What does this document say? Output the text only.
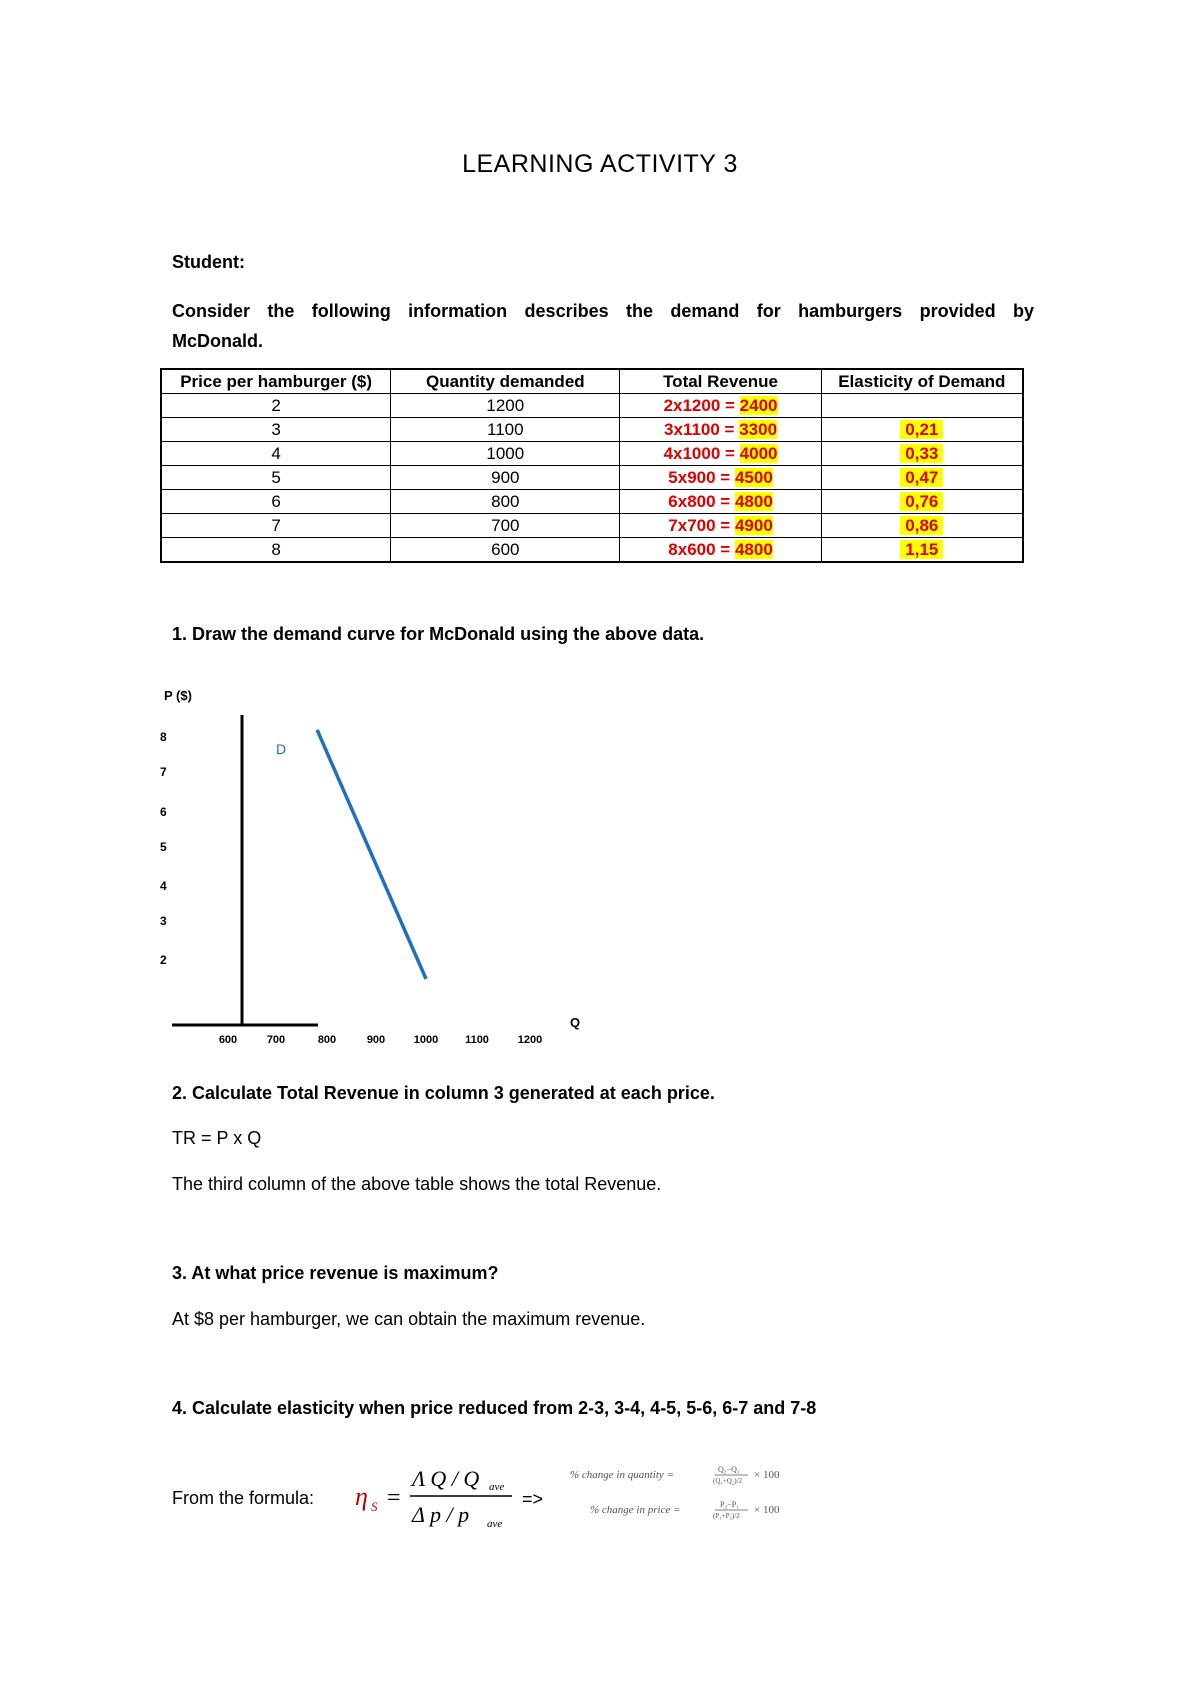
LEARNING ACTIVITY 3
Student:
Consider the following information describes the demand for hamburgers provided by McDonald.
Price per hamburger ($)	Quantity demanded	Total Revenue	Elasticity of Demand
2	1200	2x1200 = 2400	
3	1100	3x1100 = 3300	0,21
4	1000	4x1000 = 4000	0,33
5	900	5x900 = 4500	0,47
6	800	6x800 = 4800	0,76
7	700	7x700 = 4900	0,86
8	600	8x600 = 4800	1,15
1. Draw the demand curve for McDonald using the above data.
P ($)
Q
8
7
6
5
4
3
2
600	700	800	900	1000 1100	1200
D
2. Calculate Total Revenue in column 3 generated at each price.
TR = P x Q
The third column of the above table shows the total Revenue.
3. At what price revenue is maximum?
At $8 per hamburger, we can obtain the maximum revenue.
4. Calculate elasticity when price reduced from 2-3, 3-4, 4-5, 5-6, 6-7 and 7-8
From the formula: η S =
Λ Q / Q ave
Δ p / p ave
=>
% change in quantity =	Q₂−Q₁
(Q₁+Q₂)/2 × 100
% change in price =	P₂−P₁
(P₁+P₂)/2 × 100
